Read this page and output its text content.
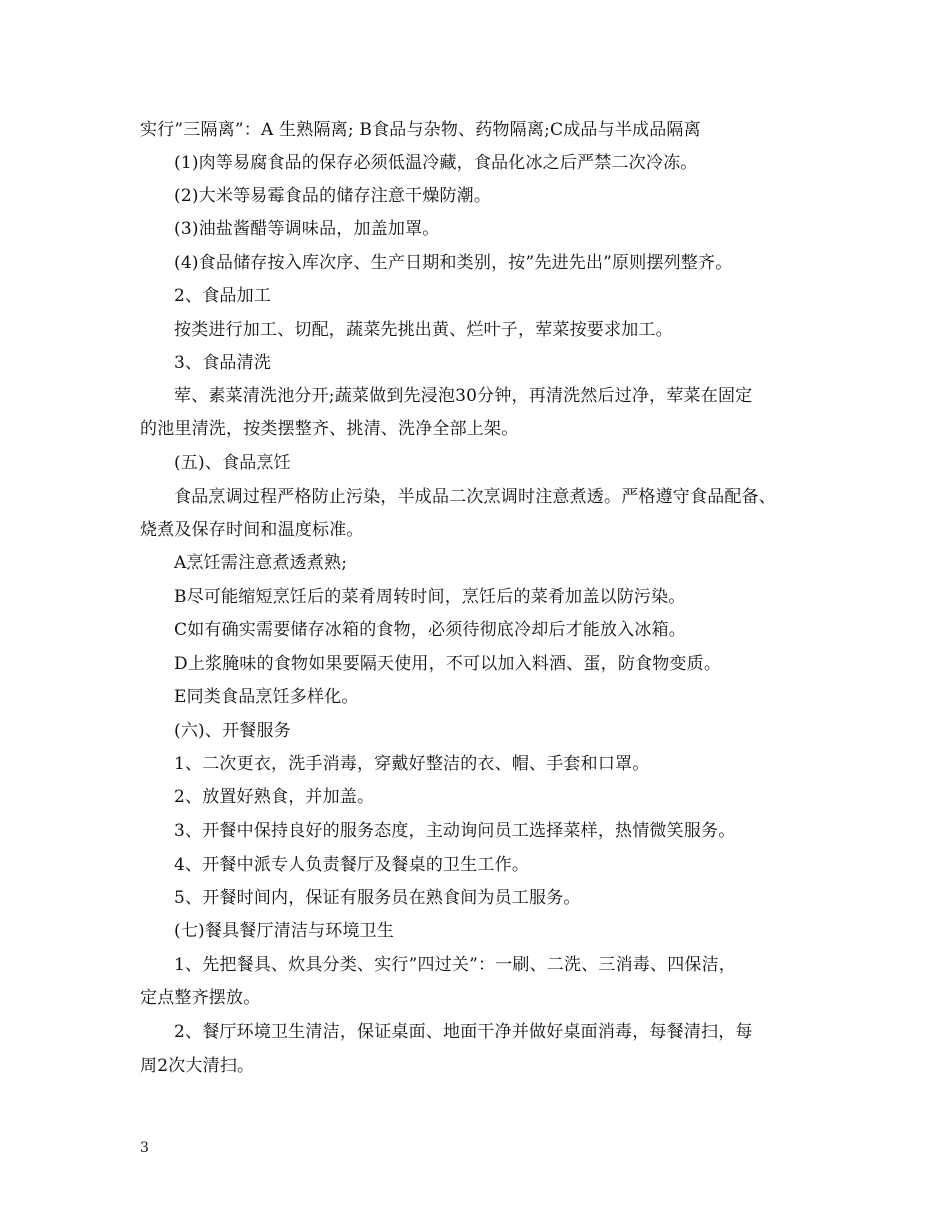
实行”三隔离”：A 生熟隔离; B食品与杂物、药物隔离;C成品与半成品隔离
(1)肉等易腐食品的保存必须低温冷藏，食品化冰之后严禁二次冷冻。
(2)大米等易霉食品的储存注意干燥防潮。
(3)油盐酱醋等调味品，加盖加罩。
(4)食品储存按入库次序、生产日期和类别，按”先进先出”原则摆列整齐。
2、食品加工
按类进行加工、切配，蔬菜先挑出黄、烂叶子，荤菜按要求加工。
3、食品清洗
荤、素菜清洗池分开;蔬菜做到先浸泡30分钟，再清洗然后过净，荤菜在固定
的池里清洗，按类摆整齐、挑清、洗净全部上架。
(五)、食品烹饪
食品烹调过程严格防止污染，半成品二次烹调时注意煮透。严格遵守食品配备、
烧煮及保存时间和温度标准。
A烹饪需注意煮透煮熟;
B尽可能缩短烹饪后的菜肴周转时间，烹饪后的菜肴加盖以防污染。
C如有确实需要储存冰箱的食物，必须待彻底冷却后才能放入冰箱。
D上浆腌味的食物如果要隔天使用，不可以加入料酒、蛋，防食物变质。
E同类食品烹饪多样化。
(六)、开餐服务
1、二次更衣，洗手消毒，穿戴好整洁的衣、帽、手套和口罩。
2、放置好熟食，并加盖。
3、开餐中保持良好的服务态度，主动询问员工选择菜样，热情微笑服务。
4、开餐中派专人负责餐厅及餐桌的卫生工作。
5、开餐时间内，保证有服务员在熟食间为员工服务。
(七)餐具餐厅清洁与环境卫生
1、先把餐具、炊具分类、实行”四过关”：一刷、二洗、三消毒、四保洁，
定点整齐摆放。
2、餐厅环境卫生清洁，保证桌面、地面干净并做好桌面消毒，每餐清扫，每
周2次大清扫。
3
